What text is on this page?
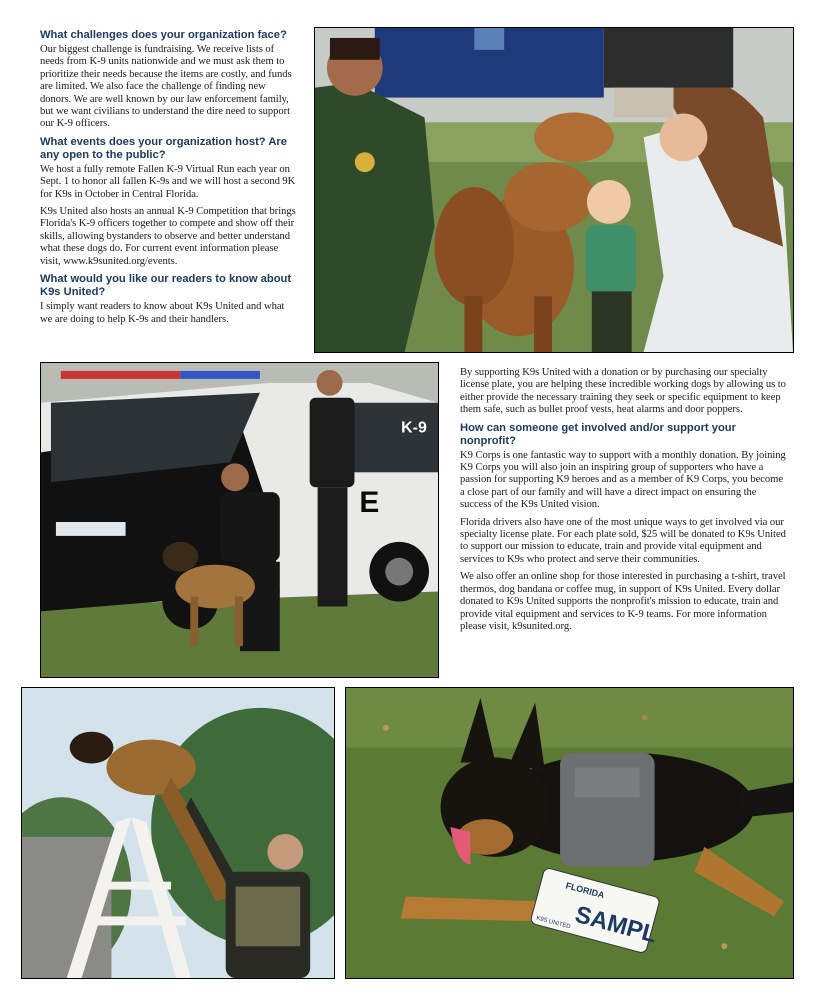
What challenges does your organization face?

Our biggest challenge is fundraising. We receive lists of needs from K-9 units nationwide and we must ask them to prioritize their needs because the items are costly, and funds are limited. We also face the challenge of finding new donors. We are well known by our law enforcement family, but we want civilians to understand the dire need to support our K-9 officers.

What events does your organization host? Are any open to the public?

We host a fully remote Fallen K-9 Virtual Run each year on Sept. 1 to honor all fallen K-9s and we will host a second 9K for K9s in October in Central Florida.

K9s United also hosts an annual K-9 Competition that brings Florida's K-9 officers together to compete and show off their skills, allowing bystanders to observe and better understand what these dogs do. For current event information please visit, www.k9sunited.org/events.

What would you like our readers to know about K9s United?

I simply want readers to know about K9s United and what we are doing to help K-9s and their handlers.

K-9
E

By supporting K9s United with a donation or by purchasing our specialty license plate, you are helping these incredible working dogs by allowing us to either provide the necessary training they seek or specific equipment to keep them safe, such as bullet proof vests, heat alarms and door poppers.

How can someone get involved and/or support your nonprofit?

K9 Corps is one fantastic way to support with a monthly donation. By joining K9 Corps you will also join an inspiring group of supporters who have a passion for supporting K9 heroes and as a member of K9 Corps, you become a close part of our family and will have a direct impact on ensuring the success of the K9s United vision.

Florida drivers also have one of the most unique ways to get involved via our specialty license plate. For each plate sold, $25 will be donated to K9s United to support our mission to educate, train and provide vital equipment and services to K9s who protect and serve their communities.

We also offer an online shop for those interested in purchasing a t-shirt, travel thermos, dog bandana or coffee mug, in support of K9s United. Every dollar donated to K9s United supports the nonprofit's mission to educate, train and provide vital equipment and services to K-9 teams. For more information please visit, k9sunited.org.

FLORIDA
SAMPL
K9S UNITED
